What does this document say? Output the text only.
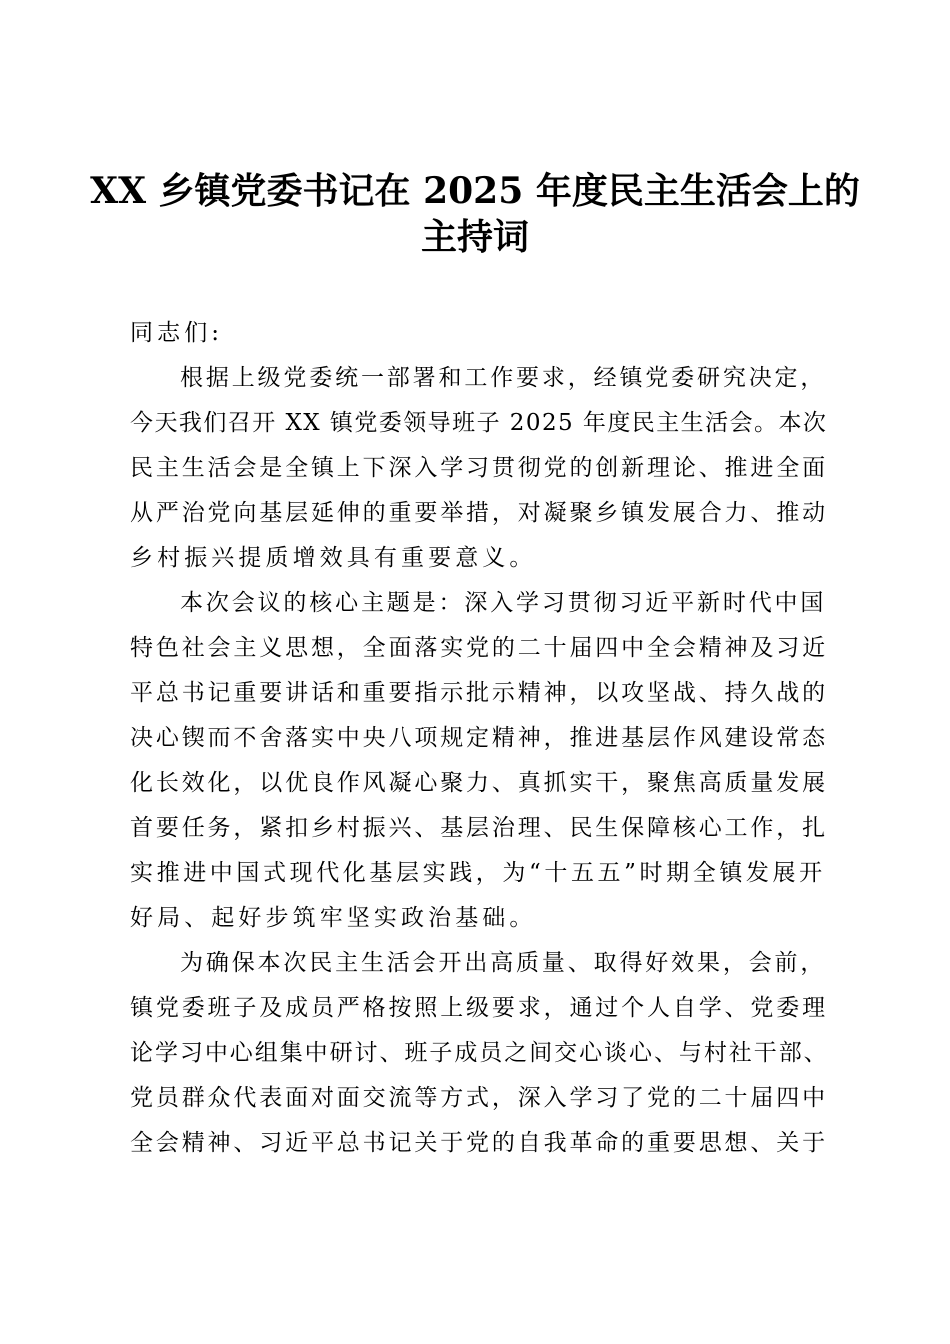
XX 乡镇党委书记在 2025 年度民主生活会上的
主持词
同志们:
根据上级党委统一部署和工作要求，经镇党委研究决定，
今天我们召开 XX 镇党委领导班子 2025 年度民主生活会。本次
民主生活会是全镇上下深入学习贯彻党的创新理论、推进全面
从严治党向基层延伸的重要举措，对凝聚乡镇发展合力、推动
乡村振兴提质增效具有重要意义。
本次会议的核心主题是：深入学习贯彻习近平新时代中国
特色社会主义思想，全面落实党的二十届四中全会精神及习近
平总书记重要讲话和重要指示批示精神，以攻坚战、持久战的
决心锲而不舍落实中央八项规定精神，推进基层作风建设常态
化长效化，以优良作风凝心聚力、真抓实干，聚焦高质量发展
首要任务，紧扣乡村振兴、基层治理、民生保障核心工作，扎
实推进中国式现代化基层实践，为“十五五”时期全镇发展开
好局、起好步筑牢坚实政治基础。
为确保本次民主生活会开出高质量、取得好效果，会前，
镇党委班子及成员严格按照上级要求，通过个人自学、党委理
论学习中心组集中研讨、班子成员之间交心谈心、与村社干部、
党员群众代表面对面交流等方式，深入学习了党的二十届四中
全会精神、习近平总书记关于党的自我革命的重要思想、关于
